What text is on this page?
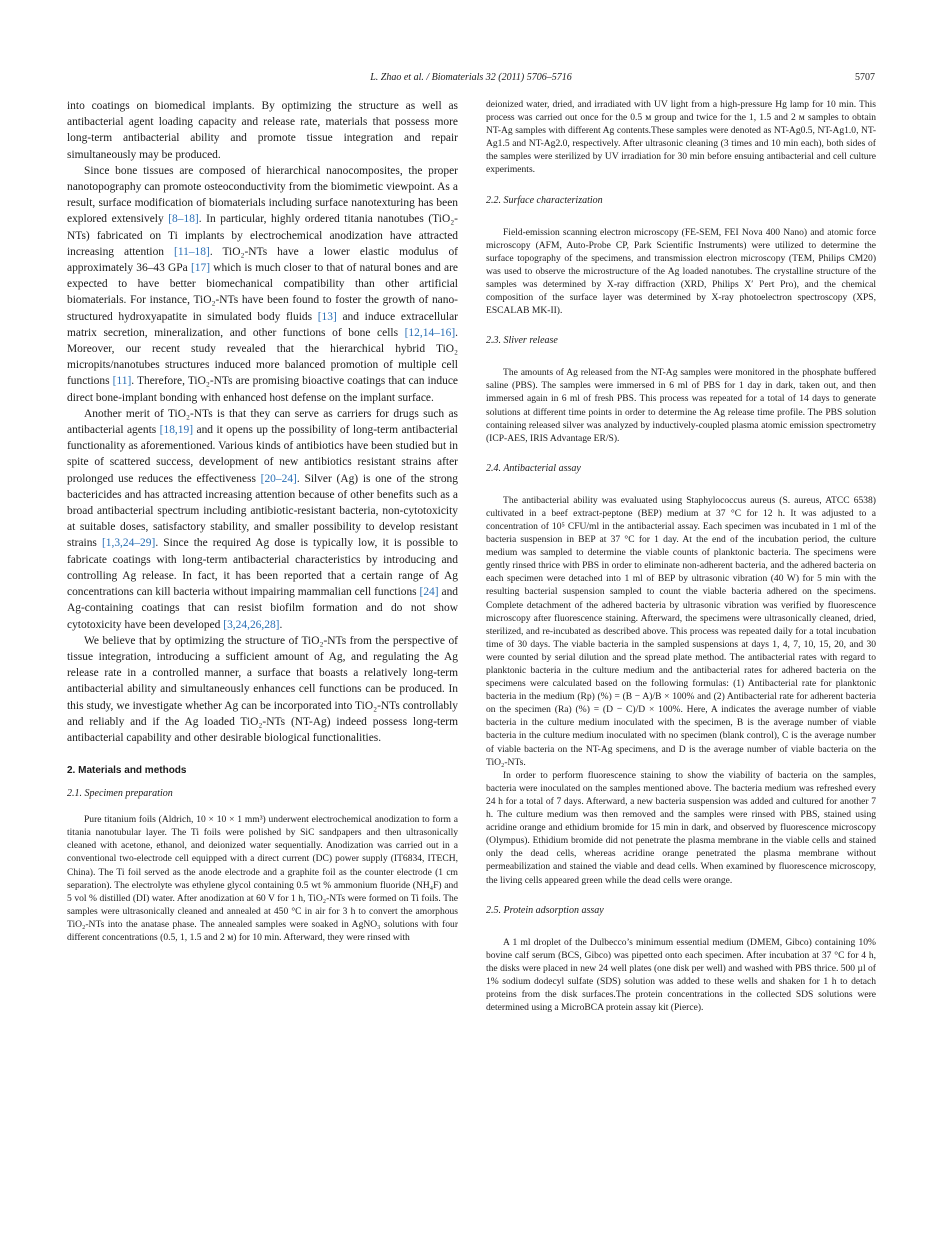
L. Zhao et al. / Biomaterials 32 (2011) 5706–5716	5707

into coatings on biomedical implants. By optimizing the structure as well as antibacterial agent loading capacity and release rate, materials that possess more long-term antibacterial ability and promote tissue integration and repair simultaneously may be produced.

Since bone tissues are composed of hierarchical nanocomposites, the proper nanotopography can promote osteoconductivity from the biomimetic viewpoint. As a result, surface modification of biomaterials including surface nanotexturing has been explored extensively [8–18]. In particular, highly ordered titania nanotubes (TiO₂-NTs) fabricated on Ti implants by electrochemical anodization have attracted increasing attention [11–18]. TiO₂-NTs have a lower elastic modulus of approximately 36–43 GPa [17] which is much closer to that of natural bones and are expected to have better biomechanical compatibility than other artificial biomaterials. For instance, TiO₂-NTs have been found to foster the growth of nano-structured hydroxyapatite in simulated body fluids [13] and induce extracellular matrix secretion, mineralization, and other functions of bone cells [12,14–16]. Moreover, our recent study revealed that the hierarchical hybrid TiO₂ micropits/nanotubes structures induced more balanced promotion of multiple cell functions [11]. Therefore, TiO₂-NTs are promising bioactive coatings that can induce direct bone-implant bonding with enhanced host defense on the implant surface.

Another merit of TiO₂-NTs is that they can serve as carriers for drugs such as antibacterial agents [18,19] and it opens up the possibility of long-term antibacterial functionality as aforementioned. Various kinds of antibiotics have been studied but in spite of scattered success, development of new antibiotics resistant strains after prolonged use reduces the effectiveness [20–24]. Silver (Ag) is one of the strong bactericides and has attracted increasing attention because of other benefits such as a broad antibacterial spectrum including antibiotic-resistant bacteria, non-cytotoxicity at suitable doses, satisfactory stability, and smaller possibility to develop resistant strains [1,3,24–29]. Since the required Ag dose is typically low, it is possible to fabricate coatings with long-term antibacterial characteristics by introducing and controlling Ag release. In fact, it has been reported that a certain range of Ag concentrations can kill bacteria without impairing mammalian cell functions [24] and Ag-containing coatings that can resist biofilm formation and do not show cytotoxicity have been developed [3,24,26,28].

We believe that by optimizing the structure of TiO₂-NTs from the perspective of tissue integration, introducing a sufficient amount of Ag, and regulating the Ag release rate in a controlled manner, a surface that boasts a relatively long-term antibacterial ability and simultaneously enhances cell functions can be produced. In this study, we investigate whether Ag can be incorporated into TiO₂-NTs controllably and reliably and if the Ag loaded TiO₂-NTs (NT-Ag) indeed possess long-term antibacterial capability and other desirable biological functionalities.

2. Materials and methods
2.1. Specimen preparation

Pure titanium foils (Aldrich, 10 × 10 × 1 mm³) underwent electrochemical anodization to form a titania nanotubular layer. The Ti foils were polished by SiC sandpapers and then ultrasonically cleaned with acetone, ethanol, and deionized water sequentially. Anodization was carried out in a conventional two-electrode cell equipped with a direct current (DC) power supply (IT6834, ITECH, China). The Ti foil served as the anode electrode and a graphite foil as the counter electrode (1 cm separation). The electrolyte was ethylene glycol containing 0.5 wt % ammonium fluoride (NH₄F) and 5 vol % distilled (DI) water. After anodization at 60 V for 1 h, TiO₂-NTs were formed on Ti foils. The samples were ultrasonically cleaned and annealed at 450 °C in air for 3 h to convert the amorphous TiO₂-NTs into the anatase phase. The annealed samples were soaked in AgNO₃ solutions with four different concentrations (0.5, 1, 1.5 and 2 ᴍ) for 10 min. Afterward, they were rinsed with

deionized water, dried, and irradiated with UV light from a high-pressure Hg lamp for 10 min. This process was carried out once for the 0.5 ᴍ group and twice for the 1, 1.5 and 2 ᴍ samples to obtain NT-Ag samples with different Ag contents.These samples were denoted as NT-Ag0.5, NT-Ag1.0, NT-Ag1.5 and NT-Ag2.0, respectively. After ultrasonic cleaning (3 times and 10 min each), both sides of the samples were sterilized by UV irradiation for 30 min before ensuing antibacterial and cell culture experiments.

2.2. Surface characterization

Field-emission scanning electron microscopy (FE-SEM, FEI Nova 400 Nano) and atomic force microscopy (AFM, Auto-Probe CP, Park Scientific Instruments) were utilized to determine the surface topography of the specimens, and transmission electron microscopy (TEM, Philips CM20) was used to observe the microstructure of the Ag loaded nanotubes. The crystalline structure of the samples was determined by X-ray diffraction (XRD, Philips X′ Pert Pro), and the chemical composition of the surface layer was determined by X-ray photoelectron spectroscopy (XPS, ESCALAB MK-II).

2.3. Sliver release

The amounts of Ag released from the NT-Ag samples were monitored in the phosphate buffered saline (PBS). The samples were immersed in 6 ml of PBS for 1 day in dark, taken out, and then immersed again in 6 ml of fresh PBS. This process was repeated for a total of 14 days to generate solutions at different time points in order to determine the Ag release time profile. The PBS solution containing released silver was analyzed by inductively-coupled plasma atomic emission spectrometry (ICP-AES, IRIS Advantage ER/S).

2.4. Antibacterial assay

The antibacterial ability was evaluated using Staphylococcus aureus (S. aureus, ATCC 6538) cultivated in a beef extract-peptone (BEP) medium at 37 °C for 12 h. It was adjusted to a concentration of 10⁵ CFU/ml in the antibacterial assay. Each specimen was incubated in 1 ml of the bacteria suspension in BEP at 37 °C for 1 day. At the end of the incubation period, the culture medium was sampled to determine the viable counts of planktonic bacteria. The specimens were gently rinsed thrice with PBS in order to eliminate non-adherent bacteria, and the adhered bacteria on each specimen were detached into 1 ml of BEP by ultrasonic vibration (40 W) for 5 min with the resulting bacterial suspension sampled to count the viable bacteria adhered on the specimens. Complete detachment of the adhered bacteria by ultrasonic vibration was verified by fluorescence microscopy after fluorescence staining. Afterward, the specimens were ultrasonically cleaned, dried, sterilized, and re-incubated as described above. This process was repeated daily for a total incubation time of 30 days. The viable bacteria in the sampled suspensions at days 1, 4, 7, 10, 15, 20, and 30 were counted by serial dilution and the spread plate method. The antibacterial rates with regard to planktonic bacteria in the culture medium and the antibacterial rates for adhered bacteria on the specimens were calculated based on the following formulas: (1) Antibacterial rate for planktonic bacteria in the medium (Rp) (%) = (B − A)/B × 100% and (2) Antibacterial rate for adherent bacteria on the specimen (Ra) (%) = (D − C)/D × 100%. Here, A indicates the average number of viable bacteria in the culture medium inoculated with the specimen, B is the average number of viable bacteria in the culture medium inoculated with no specimen (blank control), C is the average number of viable bacteria on the NT-Ag specimens, and D is the average number of viable bacteria on the TiO₂-NTs.

In order to perform fluorescence staining to show the viability of bacteria on the samples, bacteria were inoculated on the samples mentioned above. The bacteria medium was refreshed every 24 h for a total of 7 days. Afterward, a new bacteria suspension was added and cultured for another 7 h. The culture medium was then removed and the samples were rinsed with PBS, stained using acridine orange and ethidium bromide for 15 min in dark, and observed by fluorescence microscopy (Olympus). Ethidium bromide did not penetrate the plasma membrane in the viable cells and stained only the dead cells, whereas acridine orange penetrated the plasma membrane without permeabilization and stained the viable and dead cells. When examined by fluorescence microscopy, the living cells appeared green while the dead cells were orange.

2.5. Protein adsorption assay

A 1 ml droplet of the Dulbecco’s minimum essential medium (DMEM, Gibco) containing 10% bovine calf serum (BCS, Gibco) was pipetted onto each specimen. After incubation at 37 °C for 4 h, the disks were placed in new 24 well plates (one disk per well) and washed with PBS thrice. 500 µl of 1% sodium dodecyl sulfate (SDS) solution was added to these wells and shaken for 1 h to detach proteins from the disk surfaces.The protein concentrations in the collected SDS solutions were determined using a MicroBCA protein assay kit (Pierce).
